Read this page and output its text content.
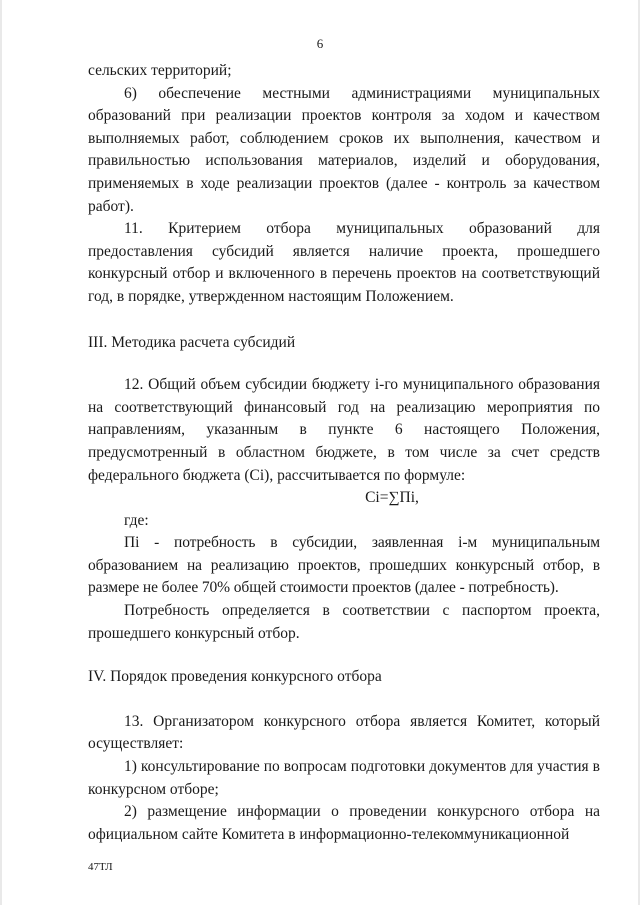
6

сельских территорий;

6) обеспечение местными администрациями муниципальных образований при реализации проектов контроля за ходом и качеством выполняемых работ, соблюдением сроков их выполнения, качеством и правильностью использования материалов, изделий и оборудования, применяемых в ходе реализации проектов (далее - контроль за качеством работ).

11. Критерием отбора муниципальных образований для предоставления субсидий является наличие проекта, прошедшего конкурсный отбор и включенного в перечень проектов на соответствующий год, в порядке, утвержденном настоящим Положением.

III. Методика расчета субсидий

12. Общий объем субсидии бюджету i-го муниципального образования на соответствующий финансовый год на реализацию мероприятия по направлениям, указанным в пункте 6 настоящего Положения, предусмотренный в областном бюджете, в том числе за счет средств федерального бюджета (Ci), рассчитывается по формуле:

Ci=∑Пi,

где:

Пi - потребность в субсидии, заявленная i-м муниципальным образованием на реализацию проектов, прошедших конкурсный отбор, в размере не более 70% общей стоимости проектов (далее - потребность).

Потребность определяется в соответствии с паспортом проекта, прошедшего конкурсный отбор.

IV. Порядок проведения конкурсного отбора

13. Организатором конкурсного отбора является Комитет, который осуществляет:

1) консультирование по вопросам подготовки документов для участия в конкурсном отборе;

2) размещение информации о проведении конкурсного отбора на официальном сайте Комитета в информационно-телекоммуникационной

47ТЛ
